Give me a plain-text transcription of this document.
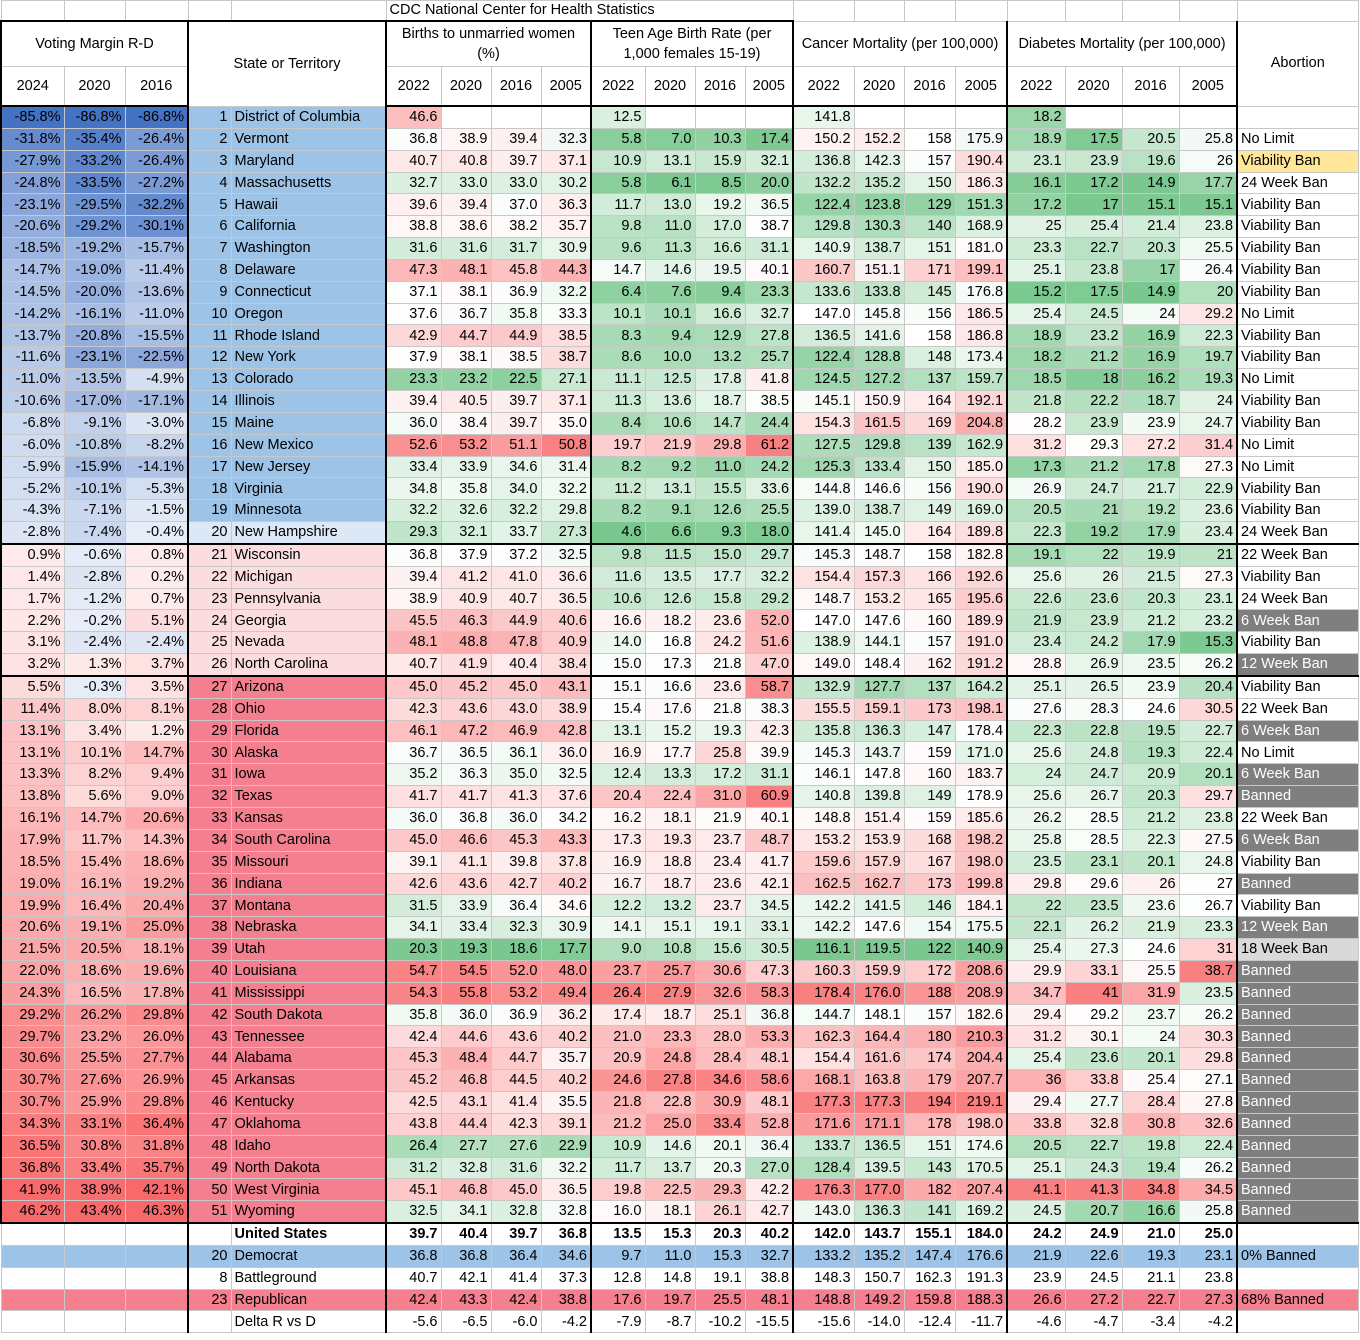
					CDC National Center for Health Statistics																
Voting Margin R-D			State or Territory		Births to unmarried women (%)				Teen Age Birth Rate (per 1,000 females 15-19)				Cancer Mortality (per 100,000)				Diabetes Mortality (per 100,000)				Abortion
2024	2020	2016			2022	2020	2016	2005	2022	2020	2016	2005	2022	2020	2016	2005	2022	2020	2016	2005	
-85.8%	-86.8%	-86.8%	1	District of Columbia	46.6				12.5				141.8				18.2				
-31.8%	-35.4%	-26.4%	2	Vermont	36.8	38.9	39.4	32.3	5.8	7.0	10.3	17.4	150.2	152.2	158	175.9	18.9	17.5	20.5	25.8	No Limit
-27.9%	-33.2%	-26.4%	3	Maryland	40.7	40.8	39.7	37.1	10.9	13.1	15.9	32.1	136.8	142.3	157	190.4	23.1	23.9	19.6	26	Viability Ban
-24.8%	-33.5%	-27.2%	4	Massachusetts	32.7	33.0	33.0	30.2	5.8	6.1	8.5	20.0	132.2	135.2	150	186.3	16.1	17.2	14.9	17.7	24 Week Ban
-23.1%	-29.5%	-32.2%	5	Hawaii	39.6	39.4	37.0	36.3	11.7	13.0	19.2	36.5	122.4	123.8	129	151.3	17.2	17	15.1	15.1	Viability Ban
-20.6%	-29.2%	-30.1%	6	California	38.8	38.6	38.2	35.7	9.8	11.0	17.0	38.7	129.8	130.3	140	168.9	25	25.4	21.4	23.8	Viability Ban
-18.5%	-19.2%	-15.7%	7	Washington	31.6	31.6	31.7	30.9	9.6	11.3	16.6	31.1	140.9	138.7	151	181.0	23.3	22.7	20.3	25.5	Viability Ban
-14.7%	-19.0%	-11.4%	8	Delaware	47.3	48.1	45.8	44.3	14.7	14.6	19.5	40.1	160.7	151.1	171	199.1	25.1	23.8	17	26.4	Viability Ban
-14.5%	-20.0%	-13.6%	9	Connecticut	37.1	38.1	36.9	32.2	6.4	7.6	9.4	23.3	133.6	133.8	145	176.8	15.2	17.5	14.9	20	Viability Ban
-14.2%	-16.1%	-11.0%	10	Oregon	37.6	36.7	35.8	33.3	10.1	10.1	16.6	32.7	147.0	145.8	156	186.5	25.4	24.5	24	29.2	No Limit
-13.7%	-20.8%	-15.5%	11	Rhode Island	42.9	44.7	44.9	38.5	8.3	9.4	12.9	27.8	136.5	141.6	158	186.8	18.9	23.2	16.9	22.3	Viability Ban
-11.6%	-23.1%	-22.5%	12	New York	37.9	38.1	38.5	38.7	8.6	10.0	13.2	25.7	122.4	128.8	148	173.4	18.2	21.2	16.9	19.7	Viability Ban
-11.0%	-13.5%	-4.9%	13	Colorado	23.3	23.2	22.5	27.1	11.1	12.5	17.8	41.8	124.5	127.2	137	159.7	18.5	18	16.2	19.3	No Limit
-10.6%	-17.0%	-17.1%	14	Illinois	39.4	40.5	39.7	37.1	11.3	13.6	18.7	38.5	145.1	150.9	164	192.1	21.8	22.2	18.7	24	Viability Ban
-6.8%	-9.1%	-3.0%	15	Maine	36.0	38.4	39.7	35.0	8.4	10.6	14.7	24.4	154.3	161.5	169	204.8	28.2	23.9	23.9	24.7	Viability Ban
-6.0%	-10.8%	-8.2%	16	New Mexico	52.6	53.2	51.1	50.8	19.7	21.9	29.8	61.2	127.5	129.8	139	162.9	31.2	29.3	27.2	31.4	No Limit
-5.9%	-15.9%	-14.1%	17	New Jersey	33.4	33.9	34.6	31.4	8.2	9.2	11.0	24.2	125.3	133.4	150	185.0	17.3	21.2	17.8	27.3	No Limit
-5.2%	-10.1%	-5.3%	18	Virginia	34.8	35.8	34.0	32.2	11.2	13.1	15.5	33.6	144.8	146.6	156	190.0	26.9	24.7	21.7	22.9	Viability Ban
-4.3%	-7.1%	-1.5%	19	Minnesota	32.2	32.6	32.2	29.8	8.2	9.1	12.6	25.5	139.0	138.7	149	169.0	20.5	21	19.2	23.6	Viability Ban
-2.8%	-7.4%	-0.4%	20	New Hampshire	29.3	32.1	33.7	27.3	4.6	6.6	9.3	18.0	141.4	145.0	164	189.8	22.3	19.2	17.9	23.4	24 Week Ban
0.9%	-0.6%	0.8%	21	Wisconsin	36.8	37.9	37.2	32.5	9.8	11.5	15.0	29.7	145.3	148.7	158	182.8	19.1	22	19.9	21	22 Week Ban
1.4%	-2.8%	0.2%	22	Michigan	39.4	41.2	41.0	36.6	11.6	13.5	17.7	32.2	154.4	157.3	166	192.6	25.6	26	21.5	27.3	Viability Ban
1.7%	-1.2%	0.7%	23	Pennsylvania	38.9	40.9	40.7	36.5	10.6	12.6	15.8	29.2	148.7	153.2	165	195.6	22.6	23.6	20.3	23.1	24 Week Ban
2.2%	-0.2%	5.1%	24	Georgia	45.5	46.3	44.9	40.6	16.6	18.2	23.6	52.0	147.0	147.6	160	189.9	21.9	23.9	21.2	23.2	6 Week Ban
3.1%	-2.4%	-2.4%	25	Nevada	48.1	48.8	47.8	40.9	14.0	16.8	24.2	51.6	138.9	144.1	157	191.0	23.4	24.2	17.9	15.3	Viability Ban
3.2%	1.3%	3.7%	26	North Carolina	40.7	41.9	40.4	38.4	15.0	17.3	21.8	47.0	149.0	148.4	162	191.2	28.8	26.9	23.5	26.2	12 Week Ban
5.5%	-0.3%	3.5%	27	Arizona	45.0	45.2	45.0	43.1	15.1	16.6	23.6	58.7	132.9	127.7	137	164.2	25.1	26.5	23.9	20.4	Viability Ban
11.4%	8.0%	8.1%	28	Ohio	42.3	43.6	43.0	38.9	15.4	17.6	21.8	38.3	155.5	159.1	173	198.1	27.6	28.3	24.6	30.5	22 Week Ban
13.1%	3.4%	1.2%	29	Florida	46.1	47.2	46.9	42.8	13.1	15.2	19.3	42.3	135.8	136.3	147	178.4	22.3	22.8	19.5	22.7	6 Week Ban
13.1%	10.1%	14.7%	30	Alaska	36.7	36.5	36.1	36.0	16.9	17.7	25.8	39.9	145.3	143.7	159	171.0	25.6	24.8	19.3	22.4	No Limit
13.3%	8.2%	9.4%	31	Iowa	35.2	36.3	35.0	32.5	12.4	13.3	17.2	31.1	146.1	147.8	160	183.7	24	24.7	20.9	20.1	6 Week Ban
13.8%	5.6%	9.0%	32	Texas	41.7	41.7	41.3	37.6	20.4	22.4	31.0	60.9	140.8	139.8	149	178.9	25.6	26.7	20.3	29.7	Banned
16.1%	14.7%	20.6%	33	Kansas	36.0	36.8	36.0	34.2	16.2	18.1	21.9	40.1	148.8	151.4	159	185.6	26.2	28.5	21.2	23.8	22 Week Ban
17.9%	11.7%	14.3%	34	South Carolina	45.0	46.6	45.3	43.3	17.3	19.3	23.7	48.7	153.2	153.9	168	198.2	25.8	28.5	22.3	27.5	6 Week Ban
18.5%	15.4%	18.6%	35	Missouri	39.1	41.1	39.8	37.8	16.9	18.8	23.4	41.7	159.6	157.9	167	198.0	23.5	23.1	20.1	24.8	Viability Ban
19.0%	16.1%	19.2%	36	Indiana	42.6	43.6	42.7	40.2	16.7	18.7	23.6	42.1	162.5	162.7	173	199.8	29.8	29.6	26	27	Banned
19.9%	16.4%	20.4%	37	Montana	31.5	33.9	36.4	34.6	12.2	13.2	23.7	34.5	142.2	141.5	146	184.1	22	23.5	23.6	26.7	Viability Ban
20.6%	19.1%	25.0%	38	Nebraska	34.1	33.4	32.3	30.9	14.1	15.1	19.1	33.1	142.2	147.6	154	175.5	22.1	26.2	21.9	23.3	12 Week Ban
21.5%	20.5%	18.1%	39	Utah	20.3	19.3	18.6	17.7	9.0	10.8	15.6	30.5	116.1	119.5	122	140.9	25.4	27.3	24.6	31	18 Week Ban
22.0%	18.6%	19.6%	40	Louisiana	54.7	54.5	52.0	48.0	23.7	25.7	30.6	47.3	160.3	159.9	172	208.6	29.9	33.1	25.5	38.7	Banned
24.3%	16.5%	17.8%	41	Mississippi	54.3	55.8	53.2	49.4	26.4	27.9	32.6	58.3	178.4	176.0	188	208.9	34.7	41	31.9	23.5	Banned
29.2%	26.2%	29.8%	42	South Dakota	35.8	36.0	36.9	36.2	17.4	18.7	25.1	36.8	144.7	148.1	157	182.6	29.4	29.2	23.7	26.2	Banned
29.7%	23.2%	26.0%	43	Tennessee	42.4	44.6	43.6	40.2	21.0	23.3	28.0	53.3	162.3	164.4	180	210.3	31.2	30.1	24	30.3	Banned
30.6%	25.5%	27.7%	44	Alabama	45.3	48.4	44.7	35.7	20.9	24.8	28.4	48.1	154.4	161.6	174	204.4	25.4	23.6	20.1	29.8	Banned
30.7%	27.6%	26.9%	45	Arkansas	45.2	46.8	44.5	40.2	24.6	27.8	34.6	58.6	168.1	163.8	179	207.7	36	33.8	25.4	27.1	Banned
30.7%	25.9%	29.8%	46	Kentucky	42.5	43.1	41.4	35.5	21.8	22.8	30.9	48.1	177.3	177.3	194	219.1	29.4	27.7	28.4	27.8	Banned
34.3%	33.1%	36.4%	47	Oklahoma	43.8	44.4	42.3	39.1	21.2	25.0	33.4	52.8	171.6	171.1	178	198.0	33.8	32.8	30.8	32.6	Banned
36.5%	30.8%	31.8%	48	Idaho	26.4	27.7	27.6	22.9	10.9	14.6	20.1	36.4	133.7	136.5	151	174.6	20.5	22.7	19.8	22.4	Banned
36.8%	33.4%	35.7%	49	North Dakota	31.2	32.8	31.6	32.2	11.7	13.7	20.3	27.0	128.4	139.5	143	170.5	25.1	24.3	19.4	26.2	Banned
41.9%	38.9%	42.1%	50	West Virginia	45.1	46.8	45.0	36.5	19.8	22.5	29.3	42.2	176.3	177.0	182	207.4	41.1	41.3	34.8	34.5	Banned
46.2%	43.4%	46.3%	51	Wyoming	32.5	34.1	32.8	32.8	16.0	18.1	26.1	42.7	143.0	136.3	141	169.2	24.5	20.7	16.6	25.8	Banned
				United States	39.7	40.4	39.7	36.8	13.5	15.3	20.3	40.2	142.0	143.7	155.1	184.0	24.2	24.9	21.0	25.0	
			20	Democrat	36.8	36.8	36.4	34.6	9.7	11.0	15.3	32.7	133.2	135.2	147.4	176.6	21.9	22.6	19.3	23.1	0% Banned
			8	Battleground	40.7	42.1	41.4	37.3	12.8	14.8	19.1	38.8	148.3	150.7	162.3	191.3	23.9	24.5	21.1	23.8	
			23	Republican	42.4	43.3	42.4	38.8	17.6	19.7	25.5	48.1	148.8	149.2	159.8	188.3	26.6	27.2	22.7	27.3	68% Banned
				Delta R vs D	-5.6	-6.5	-6.0	-4.2	-7.9	-8.7	-10.2	-15.5	-15.6	-14.0	-12.4	-11.7	-4.6	-4.7	-3.4	-4.2	
